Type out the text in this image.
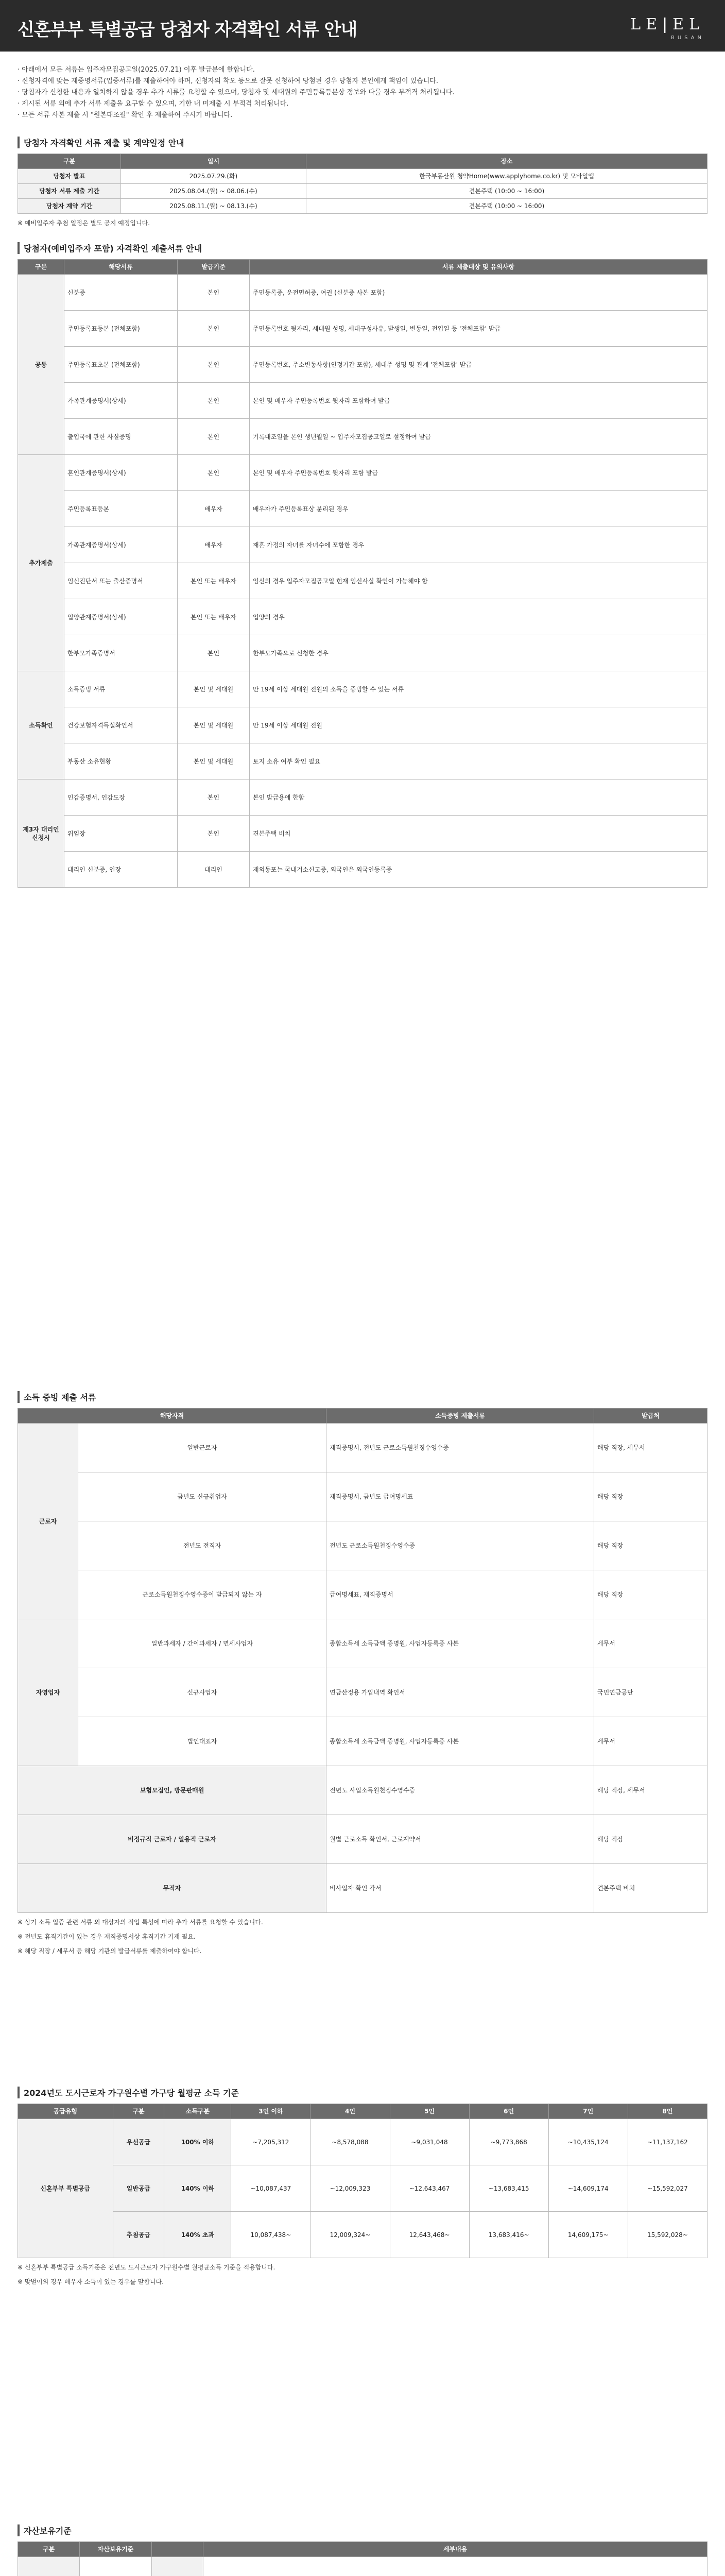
신혼부부 특별공급 당첨자 자격확인 서류 안내	LE|EL
BUSAN
· 아래에서 모든 서류는 입주자모집공고일(2025.07.21) 이후 발급분에 한합니다.
· 신청자격에 맞는 제증명서류(입증서류)를 제출하여야 하며, 신청자의 착오 등으로 잘못 신청하여 당첨된 경우 당첨자 본인에게 책임이 있습니다.
· 당첨자가 신청한 내용과 일치하지 않을 경우 추가 서류를 요청할 수 있으며, 당첨자 및 세대원의 주민등록등본상 정보와 다를 경우 부적격 처리됩니다.
· 제시된 서류 외에 추가 서류 제출을 요구할 수 있으며, 기한 내 미제출 시 부적격 처리됩니다.
· 모든 서류 사본 제출 시 "원본대조필" 확인 후 제출하여 주시기 바랍니다.
당첨자 자격확인 서류 제출 및 계약일정 안내
구분	일시	장소
당첨자 발표	2025.07.29.(화)	한국부동산원 청약Home(www.applyhome.co.kr) 및 모바일앱
당첨자 서류 제출 기간	2025.08.04.(월) ~ 08.06.(수)	견본주택 (10:00 ~ 16:00)
당첨자 계약 기간	2025.08.11.(월) ~ 08.13.(수)	견본주택 (10:00 ~ 16:00)
※ 예비입주자 추첨 일정은 별도 공지 예정입니다.
당첨자(예비입주자 포함) 자격확인 제출서류 안내
구분	해당서류	발급기준	서류 제출대상 및 유의사항
공통	신분증	본인	주민등록증, 운전면허증, 여권 (신분증 사본 포함)
	주민등록표등본 (전체포함)	본인	주민등록번호 뒷자리, 세대원 성명, 세대구성사유, 발생일, 변동일, 전입일 등 '전체포함' 발급
	주민등록표초본 (전체포함)	본인	주민등록번호, 주소변동사항(인정기간 포함), 세대주 성명 및 관계 '전체포함' 발급
	가족관계증명서(상세)	본인	본인 및 배우자 주민등록번호 뒷자리 포함하여 발급
	출입국에 관한 사실증명	본인	기록대조일을 본인 생년월일 ~ 입주자모집공고일로 설정하여 발급
추가제출	혼인관계증명서(상세)	본인	본인 및 배우자 주민등록번호 뒷자리 포함 발급
	주민등록표등본	배우자	배우자가 주민등록표상 분리된 경우
	가족관계증명서(상세)	배우자	재혼 가정의 자녀를 자녀수에 포함한 경우
	임신진단서 또는 출산증명서	본인 또는 배우자	임신의 경우 입주자모집공고일 현재 임신사실 확인이 가능해야 함
	입양관계증명서(상세)	본인 또는 배우자	입양의 경우
	한부모가족증명서	본인	한부모가족으로 신청한 경우
소득확인	소득증빙 서류	본인 및 세대원	만 19세 이상 세대원 전원의 소득을 증빙할 수 있는 서류
	건강보험자격득실확인서	본인 및 세대원	만 19세 이상 세대원 전원
	부동산 소유현황	본인 및 세대원	토지 소유 여부 확인 필요
제3자 대리인 신청시	인감증명서, 인감도장	본인	본인 발급용에 한함
	위임장	본인	견본주택 비치
	대리인 신분증, 인장	대리인	재외동포는 국내거소신고증, 외국인은 외국인등록증
소득 증빙 제출 서류
해당자격		소득증빙 제출서류	발급처
근로자	일반근로자	재직증명서, 전년도 근로소득원천징수영수증	해당 직장, 세무서
	금년도 신규취업자	재직증명서, 금년도 급여명세표	해당 직장
	전년도 전직자	전년도 근로소득원천징수영수증	해당 직장
	근로소득원천징수영수증이 발급되지 않는 자	급여명세표, 재직증명서	해당 직장
자영업자	일반과세자 / 간이과세자 / 면세사업자	종합소득세 소득금액 증명원, 사업자등록증 사본	세무서
	신규사업자	연금산정용 가입내역 확인서	국민연금공단
	법인대표자	종합소득세 소득금액 증명원, 사업자등록증 사본	세무서
보험모집인, 방문판매원		전년도 사업소득원천징수영수증	해당 직장, 세무서
비정규직 근로자 / 일용직 근로자		월별 근로소득 확인서, 근로계약서	해당 직장
무직자		비사업자 확인 각서	견본주택 비치
※ 상기 소득 입증 관련 서류 외 대상자의 직업 특성에 따라 추가 서류를 요청할 수 있습니다.
※ 전년도 휴직기간이 있는 경우 재직증명서상 휴직기간 기재 필요.
※ 해당 직장 / 세무서 등 해당 기관의 발급서류를 제출하여야 합니다.
2024년도 도시근로자 가구원수별 가구당 월평균 소득 기준
공급유형	구분	소득구분	3인 이하	4인	5인	6인	7인	8인
신혼부부 특별공급	우선공급	100% 이하	~7,205,312	~8,578,088	~9,031,048	~9,773,868	~10,435,124	~11,137,162
	일반공급	140% 이하	~10,087,437	~12,009,323	~12,643,467	~13,683,415	~14,609,174	~15,592,027
	추첨공급	140% 초과	10,087,438~	12,009,324~	12,643,468~	13,683,416~	14,609,175~	15,592,028~
※ 신혼부부 특별공급 소득기준은 전년도 도시근로자 가구원수별 월평균소득 기준을 적용합니다.
※ 맞벌이의 경우 배우자 소득이 있는 경우를 말합니다.
자산보유기준
구분	자산보유기준		세부내용
